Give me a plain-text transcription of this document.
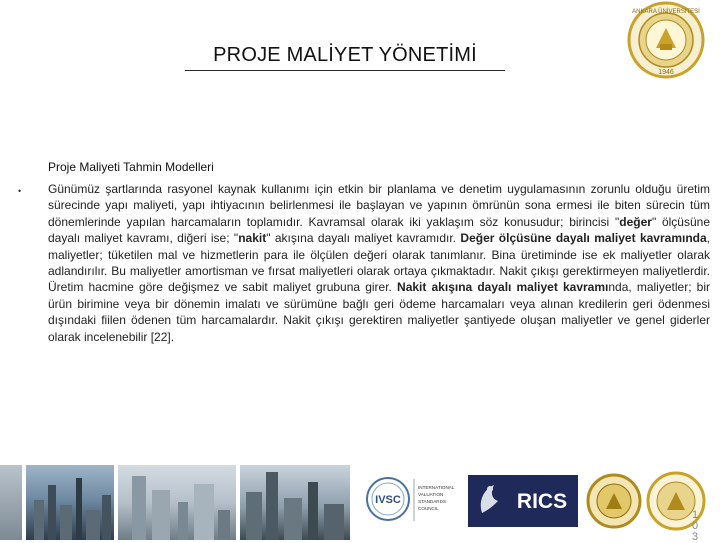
PROJE MALİYET YÖNETİMİ
ANKARA ÜNİVERSİTESİ
1946
Proje Maliyeti Tahmin Modelleri
• Günümüz şartlarında rasyonel kaynak kullanımı için etkin bir planlama ve denetim uygulamasının zorunlu olduğu üretim sürecinde yapı maliyeti, yapı ihtiyacının belirlenmesi ile başlayan ve yapının ömrünün sona ermesi ile biten sürecin tüm dönemlerinde yapılan harcamaların toplamıdır. Kavramsal olarak iki yaklaşım söz konusudur; birincisi "değer" ölçüsüne dayalı maliyet kavramı, diğeri ise; "nakit" akışına dayalı maliyet kavramıdır. Değer ölçüsüne dayalı maliyet kavramında, maliyetler; tüketilen mal ve hizmetlerin para ile ölçülen değeri olarak tanımlanır. Bina üretiminde ise ek maliyetler olarak adlandırılır. Bu maliyetler amortisman ve fırsat maliyetleri olarak ortaya çıkmaktadır. Nakit çıkışı gerektirmeyen maliyetlerdir. Üretim hacmine göre değişmez ve sabit maliyet grubuna girer. Nakit akışına dayalı maliyet kavramında, maliyetler; bir ürün birimine veya bir dönemin imalatı ve sürümüne bağlı geri ödeme harcamaları veya alınan kredilerin geri ödenmesi dışındaki fiilen ödenen tüm harcamalardır. Nakit çıkışı gerektiren maliyetler şantiyede oluşan maliyetler ve genel giderler olarak incelenebilir [22].
IVSC
INTERNATIONAL
VALUATION
STANDARDS
COUNCIL	RICS
1 0 3
